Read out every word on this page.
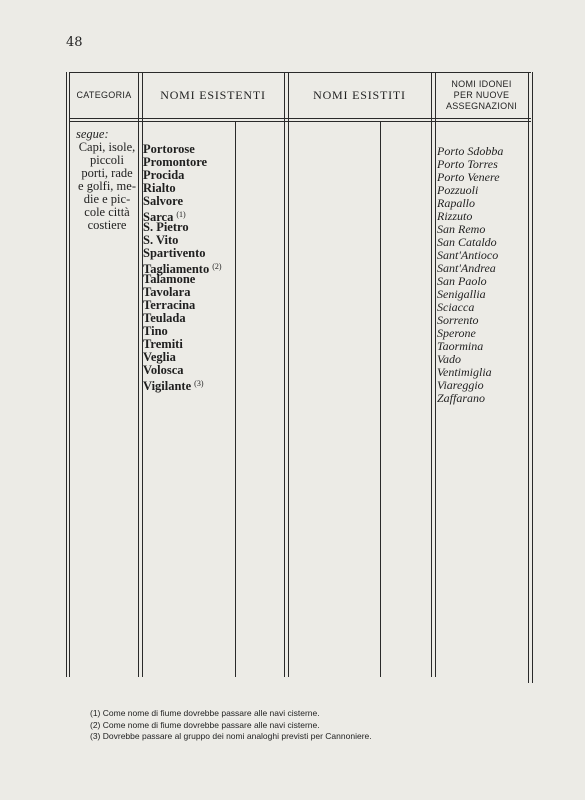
48
CATEGORIA	NOMI ESISTENTI	NOMI ESISTITI
NOMI IDONEI
PER NUOVE
ASSEGNAZIONI
segue:
Capi, isole,
piccoli
porti, rade
e golfi, me-
die e pic-
cole città
costiere
Portorose
Promontore
Procida
Rialto
Salvore
Sarca $^{(1)}$
S. Pietro
S. Vito
Spartivento
Tagliamento $^{(2)}$
Talamone
Tavolara
Terracina
Teulada
Tino
Tremiti
Veglia
Volosca
Vigilante $^{(3)}$
Porto Sdobba
Porto Torres
Porto Venere
Pozzuoli
Rapallo
Rizzuto
San Remo
San Cataldo
Sant'Antioco
Sant'Andrea
San Paolo
Senigallia
Sciacca
Sorrento
Sperone
Taormina
Vado
Ventimiglia
Viareggio
Zaffarano
(1) Come nome di fiume dovrebbe passare alle navi cisterne.
(2) Come nome di fiume dovrebbe passare alle navi cisterne.
(3) Dovrebbe passare al gruppo dei nomi analoghi previsti per Cannoniere.
